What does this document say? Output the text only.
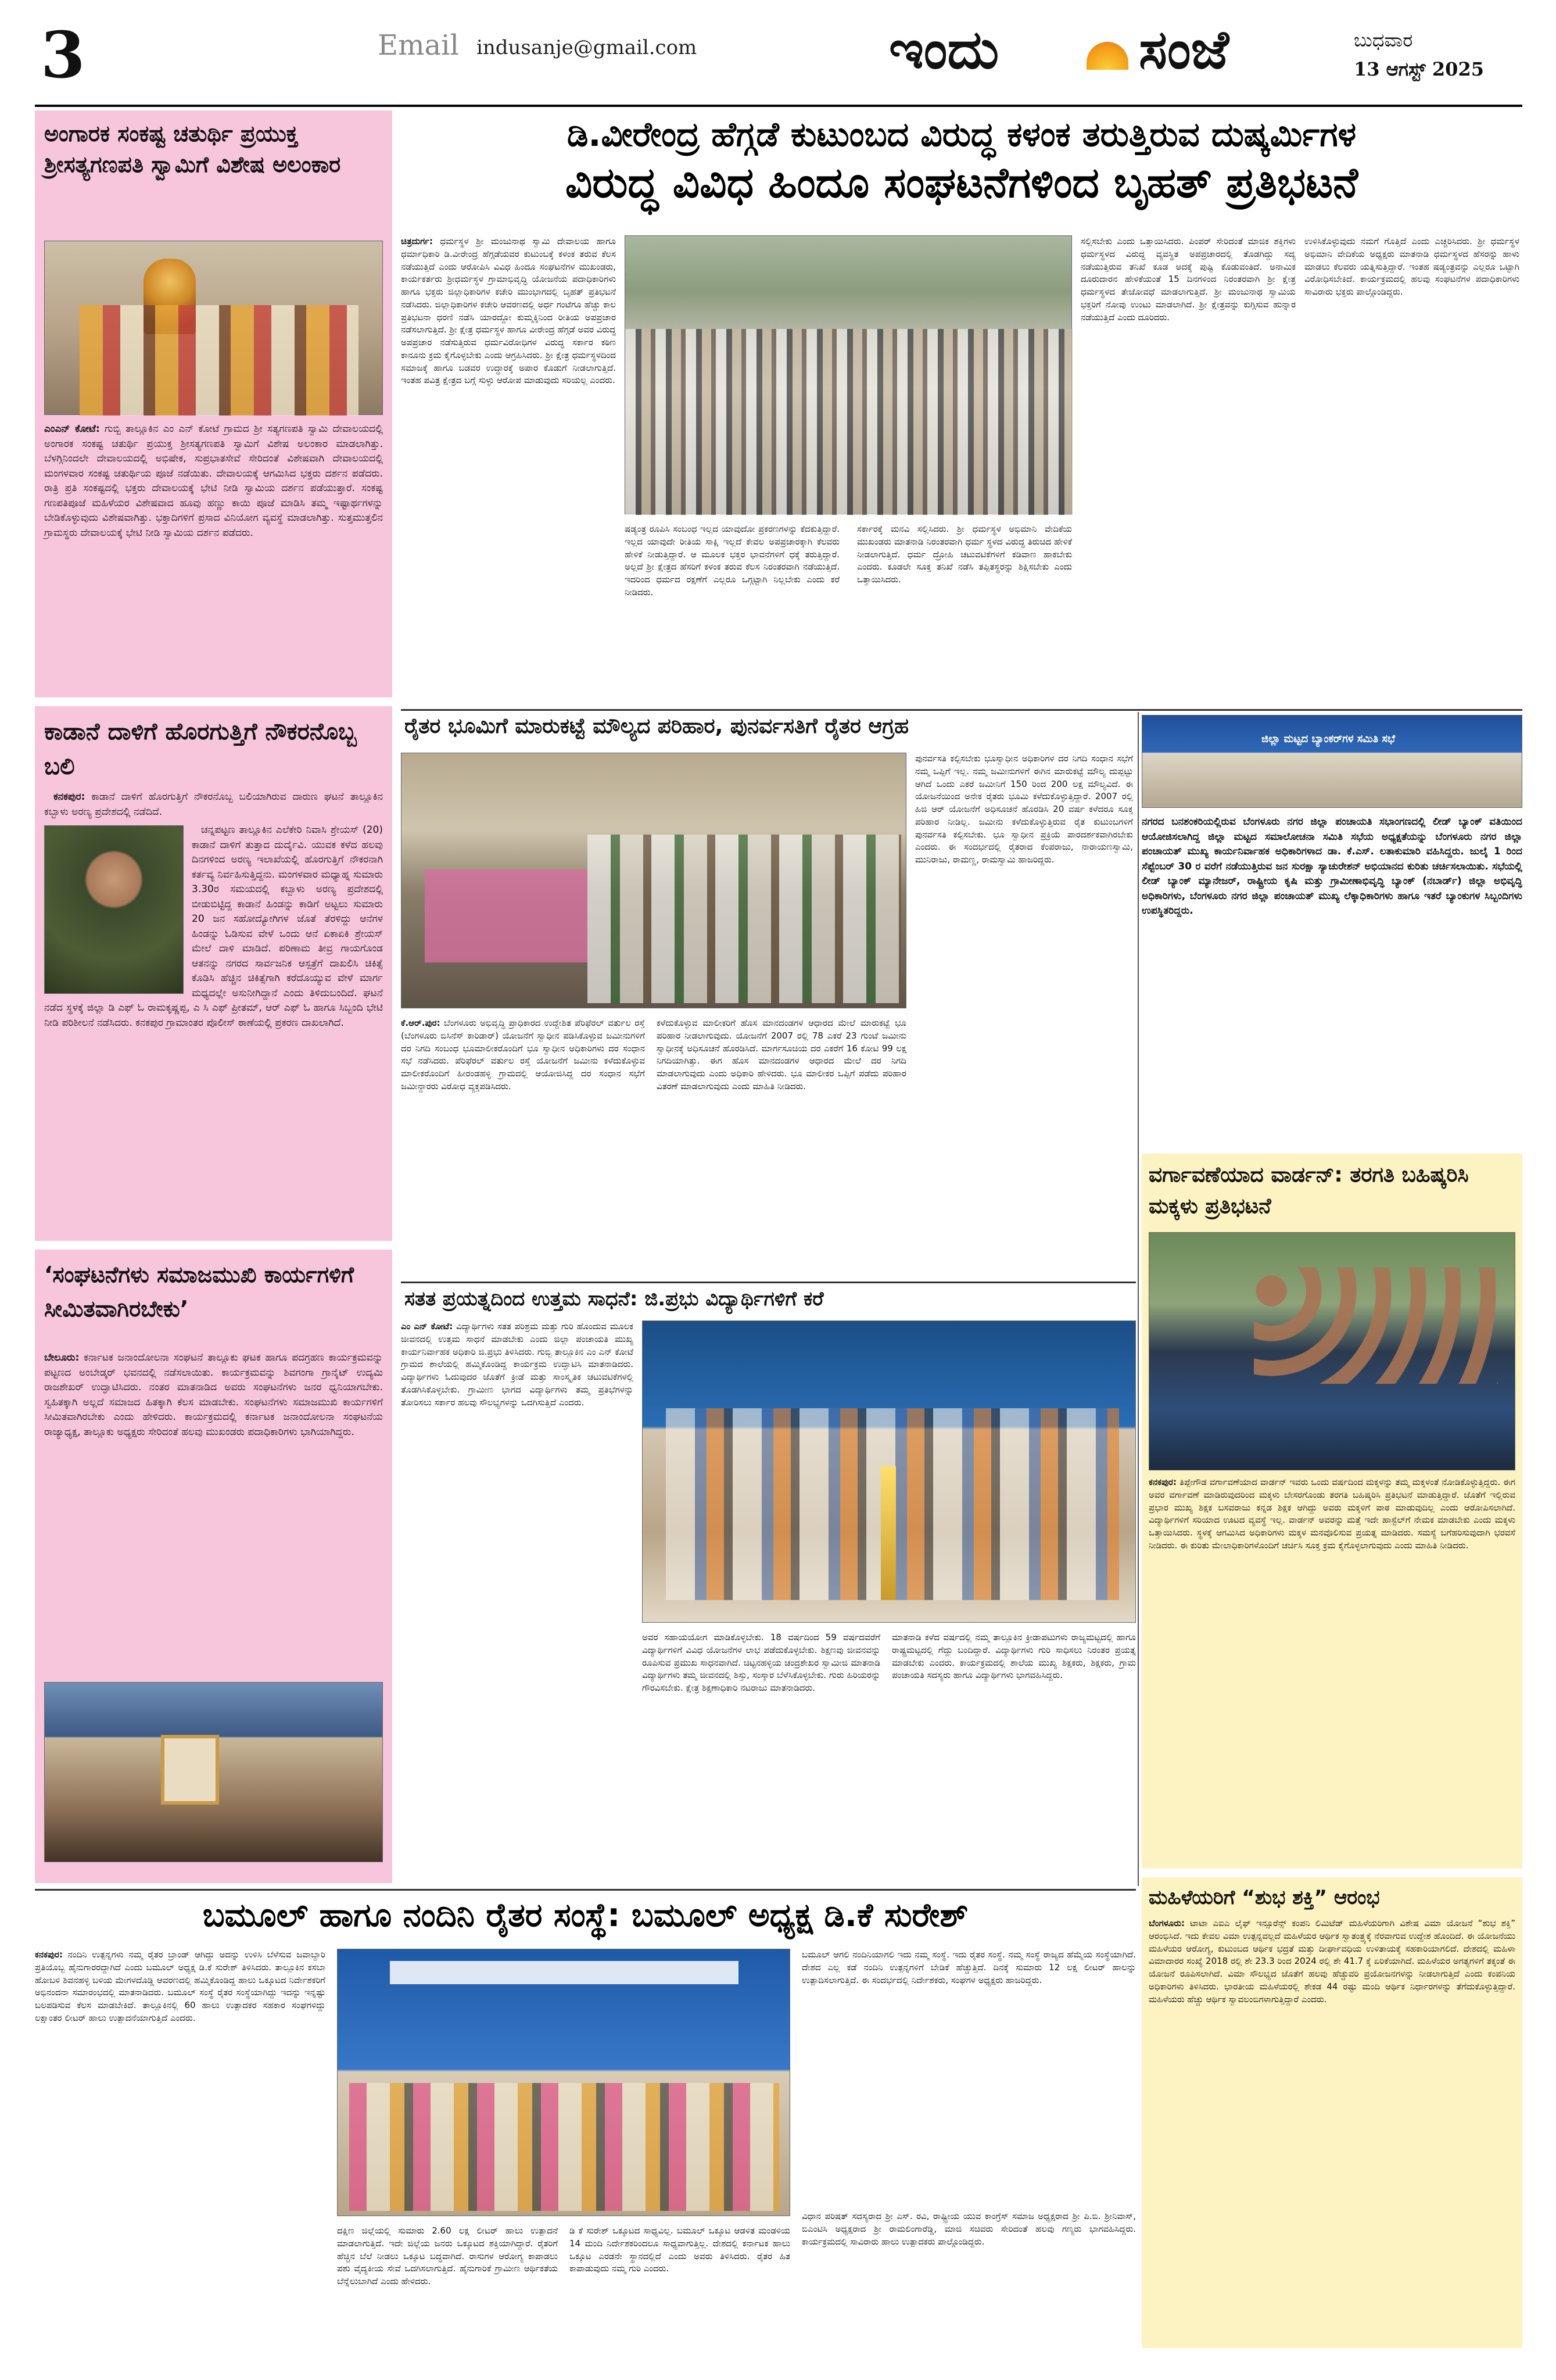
3	Email indusanje@gmail.com	ಇಂದು	ಸಂಜೆ	ಬುಧವಾರ
13 ಆಗಸ್ಟ್ 2025
ಅಂಗಾರಕ ಸಂಕಷ್ಟ ಚತುರ್ಥಿ ಪ್ರಯುಕ್ತ ಶ್ರೀಸತ್ಯಗಣಪತಿ ಸ್ವಾಮಿಗೆ ವಿಶೇಷ ಅಲಂಕಾರ
ಎಂಎನ್ ಕೋಟೆ: ಗುಬ್ಬಿ ತಾಲ್ಲೂಕಿನ ಎಂ ಎನ್ ಕೋಟೆ ಗ್ರಾಮದ ಶ್ರೀ ಸತ್ಯಗಣಪತಿ ಸ್ವಾಮಿ ದೇವಾಲಯದಲ್ಲಿ ಅಂಗಾರಕ ಸಂಕಷ್ಟ ಚತುರ್ಥಿ ಪ್ರಯುಕ್ತ ಶ್ರೀಸತ್ಯಗಣಪತಿ ಸ್ವಾಮಿಗೆ ವಿಶೇಷ ಅಲಂಕಾರ ಮಾಡಲಾಗಿತ್ತು. ಬೆಳಗ್ಗಿನಿಂದಲೇ ದೇವಾಲಯದಲ್ಲಿ ಅಭಿಷೇಕ, ಸುಪ್ರಭಾತಸೇವೆ ಸೇರಿದಂತೆ ವಿಶೇಷವಾಗಿ ದೇವಾಲಯದಲ್ಲಿ ಮಂಗಳವಾರ ಸಂಕಷ್ಟ ಚತುರ್ಥಿಯ ಪೂಜೆ ನಡೆಯಿತು. ದೇವಾಲಯಕ್ಕೆ ಆಗಮಿಸಿದ ಭಕ್ತರು ದರ್ಶನ ಪಡೆದರು. ರಾತ್ರಿ ಪ್ರತಿ ಸಂಕಷ್ಟದಲ್ಲಿ ಭಕ್ತರು ದೇವಾಲಯಕ್ಕೆ ಭೇಟಿ ನೀಡಿ ಸ್ವಾಮಿಯ ದರ್ಶನ ಪಡೆಯುತ್ತಾರೆ. ಸಂಕಷ್ಟ ಗಣಪತಿಪೂಜೆ ಮಹಿಳೆಯರ ವಿಶೇಷವಾದ ಹೂವು ಹಣ್ಣು ಕಾಯಿ ಪೂಜೆ ಮಾಡಿಸಿ ತಮ್ಮ ಇಷ್ಟಾರ್ಥಗಳನ್ನು ಬೇಡಿಕೊಳ್ಳುವುದು ವಿಶೇಷವಾಗಿತ್ತು. ಭಕ್ತಾದಿಗಳಿಗೆ ಪ್ರಸಾದ ವಿನಿಯೋಗ ವ್ಯವಸ್ಥೆ ಮಾಡಲಾಗಿತ್ತು. ಸುತ್ತಮುತ್ತಲಿನ ಗ್ರಾಮಸ್ಥರು ದೇವಾಲಯಕ್ಕೆ ಭೇಟಿ ನೀಡಿ ಸ್ವಾಮಿಯ ದರ್ಶನ ಪಡೆದರು.
ಕಾಡಾನೆ ದಾಳಿಗೆ ಹೊರಗುತ್ತಿಗೆ ನೌಕರನೊಬ್ಬ ಬಲಿ

ಕನಕಪುರ: ಕಾಡಾನೆ ದಾಳಿಗೆ ಹೊರಗುತ್ತಿಗೆ ನೌಕರನೊಬ್ಬ ಬಲಿಯಾಗಿರುವ ದಾರುಣ ಘಟನೆ ತಾಲ್ಲೂಕಿನ ಕಬ್ಬಾಳು ಅರಣ್ಯ ಪ್ರದೇಶದಲ್ಲಿ ನಡೆದಿದೆ.

ಚನ್ನಪಟ್ಟಣ ತಾಲ್ಲೂಕಿನ ಎಲೆಕೇರಿ ನಿವಾಸಿ ಶ್ರೇಯಸ್ (20) ಕಾಡಾನೆ ದಾಳಿಗೆ ತುತ್ತಾದ ದುರ್ದೈವಿ. ಯುವಕ ಕಳೆದ ಹಲವು ದಿನಗಳಿಂದ ಅರಣ್ಯ ಇಲಾಖೆಯಲ್ಲಿ ಹೊರಗುತ್ತಿಗೆ ನೌಕರನಾಗಿ ಕರ್ತವ್ಯ ನಿರ್ವಹಿಸುತ್ತಿದ್ದನು. ಮಂಗಳವಾರ ಮಧ್ಯಾಹ್ನ ಸುಮಾರು 3.30ರ ಸಮಯದಲ್ಲಿ ಕಬ್ಬಾಳು ಅರಣ್ಯ ಪ್ರದೇಶದಲ್ಲಿ ಬೀಡುಬಿಟ್ಟಿದ್ದ ಕಾಡಾನೆ ಹಿಂಡನ್ನು ಕಾಡಿಗೆ ಅಟ್ಟಲು ಸುಮಾರು 20 ಜನ ಸಹೋದ್ಯೋಗಿಗಳ ಜೊತೆ ತೆರಳಿದ್ದು ಆನೆಗಳ ಹಿಂಡನ್ನು ಓಡಿಸುವ ವೇಳೆ ಒಂದು ಆನೆ ಏಕಾಏಕಿ ಶ್ರೇಯಸ್ ಮೇಲೆ ದಾಳಿ ಮಾಡಿದೆ. ಪರಿಣಾಮ ತೀವ್ರ ಗಾಯಗೊಂಡ ಆತನನ್ನು ನಗರದ ಸಾರ್ವಜನಿಕ ಆಸ್ಪತ್ರೆಗೆ ದಾಖಲಿಸಿ ಚಿಕಿತ್ಸೆ ಕೊಡಿಸಿ ಹೆಚ್ಚಿನ ಚಿಕಿತ್ಸೆಗಾಗಿ ಕರೆದೊಯ್ಯುವ ವೇಳೆ ಮಾರ್ಗ ಮಧ್ಯದಲ್ಲೇ ಅಸುನೀಗಿದ್ದಾನೆ ಎಂದು ತಿಳಿದುಬಂದಿದೆ. ಘಟನೆ ನಡೆದ ಸ್ಥಳಕ್ಕೆ ಜಿಲ್ಲಾ ಡಿ ಎಫ್ ಓ ರಾಮಕೃಷ್ಣಪ್ಪ, ಎ ಸಿ ಎಫ್ ಪ್ರೀತಮ್, ಆರ್ ಎಫ್ ಓ ಹಾಗೂ ಸಿಬ್ಬಂದಿ ಭೇಟಿ ನೀಡಿ ಪರಿಶೀಲನೆ ನಡೆಸಿದರು. ಕನಕಪುರ ಗ್ರಾಮಾಂತರ ಪೊಲೀಸ್ ಠಾಣೆಯಲ್ಲಿ ಪ್ರಕರಣ ದಾಖಲಾಗಿದೆ.

‘ಸಂಘಟನೆಗಳು ಸಮಾಜಮುಖಿ ಕಾರ್ಯಗಳಿಗೆ ಸೀಮಿತವಾಗಿರಬೇಕು’
ಬೇಲೂರು: ಕರ್ನಾಟಕ ಜನಾಂದೋಲನಾ ಸಂಘಟನೆ ತಾಲ್ಲೂಕು ಘಟಕ ಹಾಗೂ ಪದಗ್ರಹಣ ಕಾರ್ಯಕ್ರಮವನ್ನು ಪಟ್ಟಣದ ಅಂಬೇಡ್ಕರ್ ಭವನದಲ್ಲಿ ನಡೆಸಲಾಯಿತು. ಕಾರ್ಯಕ್ರಮವನ್ನು ಶಿವಗಂಗಾ ಗ್ರಾನೈಟ್ ಉದ್ಯಮಿ ರಾಜಶೇಖರ್ ಉದ್ಘಾಟಿಸಿದರು. ನಂತರ ಮಾತನಾಡಿದ ಅವರು ಸಂಘಟನೆಗಳು ಜನರ ಧ್ವನಿಯಾಗಬೇಕು. ಸ್ವಹಿತಕ್ಕಾಗಿ ಅಲ್ಲದೆ ಸಮಾಜದ ಹಿತಕ್ಕಾಗಿ ಕೆಲಸ ಮಾಡಬೇಕು. ಸಂಘಟನೆಗಳು ಸಮಾಜಮುಖಿ ಕಾರ್ಯಗಳಿಗೆ ಸೀಮಿತವಾಗಿರಬೇಕು ಎಂದು ಹೇಳಿದರು. ಕಾರ್ಯಕ್ರಮದಲ್ಲಿ ಕರ್ನಾಟಕ ಜನಾಂದೋಲನಾ ಸಂಘಟನೆಯ ರಾಜ್ಯಾಧ್ಯಕ್ಷ, ತಾಲ್ಲೂಕು ಅಧ್ಯಕ್ಷರು ಸೇರಿದಂತೆ ಹಲವು ಮುಖಂಡರು ಪದಾಧಿಕಾರಿಗಳು ಭಾಗಿಯಾಗಿದ್ದರು.
ಡಿ.ವೀರೇಂದ್ರ ಹೆಗ್ಗಡೆ ಕುಟುಂಬದ ವಿರುದ್ಧ ಕಳಂಕ ತರುತ್ತಿರುವ ದುಷ್ಕರ್ಮಿಗಳ
ವಿರುದ್ಧ ವಿವಿಧ ಹಿಂದೂ ಸಂಘಟನೆಗಳಿಂದ ಬೃಹತ್ ಪ್ರತಿಭಟನೆ
ಚಿತ್ರದುರ್ಗ: ಧರ್ಮಸ್ಥಳ ಶ್ರೀ ಮಂಜುನಾಥ ಸ್ವಾಮಿ ದೇವಾಲಯ ಹಾಗೂ ಧರ್ಮಾಧಿಕಾರಿ ಡಿ.ವೀರೇಂದ್ರ ಹೆಗ್ಗಡೆಯವರ ಕುಟುಂಬಕ್ಕೆ ಕಳಂಕ ತರುವ ಕೆಲಸ ನಡೆಯುತ್ತಿದೆ ಎಂದು ಆರೋಪಿಸಿ ವಿವಿಧ ಹಿಂದೂ ಸಂಘಟನೆಗಳ ಮುಖಂಡರು, ಕಾರ್ಯಕರ್ತರು ಶ್ರೀಧರ್ಮಸ್ಥಳ ಗ್ರಾಮಾಭಿವೃದ್ಧಿ ಯೋಜನೆಯ ಪದಾಧಿಕಾರಿಗಳು ಹಾಗೂ ಭಕ್ತರು ಜಿಲ್ಲಾಧಿಕಾರಿಗಳ ಕಚೇರಿ ಮುಂಭಾಗದಲ್ಲಿ ಬೃಹತ್ ಪ್ರತಿಭಟನೆ ನಡೆಸಿದರು. ಜಿಲ್ಲಾಧಿಕಾರಿಗಳ ಕಚೇರಿ ಆವರಣದಲ್ಲಿ ಅರ್ಧ ಗಂಟೆಗೂ ಹೆಚ್ಚು ಕಾಲ ಪ್ರತಿಭಟನಾ ಧರಣಿ ನಡೆಸಿ ಯಾರದ್ದೋ ಕುಮ್ಮಕ್ಕಿನಿಂದ ರೀತಿಯ ಅಪಪ್ರಚಾರ ನಡೆಸಲಾಗುತ್ತಿದೆ. ಶ್ರೀ ಕ್ಷೇತ್ರ ಧರ್ಮಸ್ಥಳ ಹಾಗೂ ವೀರೇಂದ್ರ ಹೆಗ್ಗಡೆ ಅವರ ವಿರುದ್ಧ ಅಪಪ್ರಚಾರ ನಡೆಸುತ್ತಿರುವ ಧರ್ಮವಿರೋಧಿಗಳ ವಿರುದ್ಧ ಸರ್ಕಾರ ಕಠಿಣ ಕಾನೂನು ಕ್ರಮ ಕೈಗೊಳ್ಳಬೇಕು ಎಂದು ಆಗ್ರಹಿಸಿದರು. ಶ್ರೀ ಕ್ಷೇತ್ರ ಧರ್ಮಸ್ಥಳದಿಂದ ಸಮಾಜಕ್ಕೆ ಹಾಗೂ ಬಡವರ ಉದ್ಧಾರಕ್ಕೆ ಅಪಾರ ಕೊಡುಗೆ ನೀಡಲಾಗುತ್ತಿದೆ. ಇಂತಹ ಪವಿತ್ರ ಕ್ಷೇತ್ರದ ಬಗ್ಗೆ ಸುಳ್ಳು ಆರೋಪ ಮಾಡುವುದು ಸರಿಯಲ್ಲ ಎಂದರು.
ಷಡ್ಯಂತ್ರ ರೂಪಿಸಿ ಸಂಬಂಧ ಇಲ್ಲದ ಯಾವುದೋ ಪ್ರಕರಣಗಳನ್ನು ಕೆದಕುತ್ತಿದ್ದಾರೆ. ಇಲ್ಲದ ಯಾವುದೇ ರೀತಿಯ ಸಾಕ್ಷಿ ಇಲ್ಲದೆ ಕೇವಲ ಅಪಪ್ರಚಾರಕ್ಕಾಗಿ ಕೆಲವರು ಹೇಳಿಕೆ ನೀಡುತ್ತಿದ್ದಾರೆ. ಆ ಮೂಲಕ ಭಕ್ತರ ಭಾವನೆಗಳಿಗೆ ಧಕ್ಕೆ ತರುತ್ತಿದ್ದಾರೆ. ಅಲ್ಲದೆ ಶ್ರೀ ಕ್ಷೇತ್ರದ ಹೆಸರಿಗೆ ಕಳಂಕ ತರುವ ಕೆಲಸ ನಿರಂತರವಾಗಿ ನಡೆಯುತ್ತಿದೆ. ಇದರಿಂದ ಧರ್ಮದ ರಕ್ಷಣೆಗೆ ಎಲ್ಲರೂ ಒಗ್ಗಟ್ಟಾಗಿ ನಿಲ್ಲಬೇಕು ಎಂದು ಕರೆ ನೀಡಿದರು.
ಸರ್ಕಾರಕ್ಕೆ ಮನವಿ ಸಲ್ಲಿಸಿದರು. ಶ್ರೀ ಧರ್ಮಸ್ಥಳ ಅಭಿಮಾನಿ ವೇದಿಕೆಯ ಮುಖಂಡರು ಮಾತನಾಡಿ ನಿರಂತರವಾಗಿ ಧರ್ಮ ಸ್ಥಳದ ವಿರುದ್ಧ ತಿರುಚಿದ ಹೇಳಿಕೆ ನೀಡಲಾಗುತ್ತಿದೆ. ಧರ್ಮ ದ್ರೋಹಿ ಚಟುವಟಿಕೆಗಳಿಗೆ ಕಡಿವಾಣ ಹಾಕಬೇಕು ಎಂದರು. ಕೂಡಲೇ ಸೂಕ್ತ ತನಿಖೆ ನಡೆಸಿ ತಪ್ಪಿತಸ್ಥರನ್ನು ಶಿಕ್ಷಿಸಬೇಕು ಎಂದು ಒತ್ತಾಯಿಸಿದರು.
ಸಲ್ಲಿಸಬೇಕು ಎಂದು ಒತ್ತಾಯಿಸಿದರು. ಪಿಂಪರ್ ಸೇರಿದಂತೆ ಮಾಜಿಕ ಶಕ್ತಿಗಳು ಧರ್ಮಸ್ಥಳದ ವಿರುದ್ಧ ವ್ಯವಸ್ಥಿತ ಅಪಪ್ರಚಾರದಲ್ಲಿ ತೊಡಗಿದ್ದು ಸದ್ಯ ನಡೆಯುತ್ತಿರುವ ತನಿಖೆ ಕೂಡ ಅದಕ್ಕೆ ಪುಷ್ಟಿ ಕೊಡುವಂತಿದೆ. ಅನಾಮಿಕ ದೂರುದಾರನ ಹೇಳಿಕೆಯಂತೆ 15 ದಿನಗಳಿಂದ ನಿರಂತರವಾಗಿ ಶ್ರೀ ಕ್ಷೇತ್ರ ಧರ್ಮಸ್ಥಳದ ತೇಜೋವಧೆ ಮಾಡಲಾಗುತ್ತಿದೆ. ಶ್ರೀ ಮಂಜುನಾಥ ಸ್ವಾಮಿಯ ಭಕ್ತರಿಗೆ ನೋವು ಉಂಟು ಮಾಡಲಾಗಿದೆ. ಶ್ರೀ ಕ್ಷೇತ್ರವನ್ನು ಕುಗ್ಗಿಸುವ ಹುನ್ನಾರ ನಡೆಯುತ್ತಿದೆ ಎಂದು ದೂರಿದರು.
ಉಳಿಸಿಕೊಳ್ಳುವುದು ನಮಗೆ ಗೊತ್ತಿದೆ ಎಂದು ಎಚ್ಚರಿಸಿದರು. ಶ್ರೀ ಧರ್ಮಸ್ಥಳ ಅಭಿಮಾನಿ ವೇದಿಕೆಯ ಅಧ್ಯಕ್ಷರು ಮಾತನಾಡಿ ಧರ್ಮಸ್ಥಳದ ಹೆಸರನ್ನು ಹಾಳು ಮಾಡಲು ಕೆಲವರು ಯತ್ನಿಸುತ್ತಿದ್ದಾರೆ. ಇಂತಹ ಷಡ್ಯಂತ್ರವನ್ನು ಎಲ್ಲರೂ ಒಟ್ಟಾಗಿ ವಿರೋಧಿಸಬೇಕಿದೆ. ಕಾರ್ಯಕ್ರಮದಲ್ಲಿ ಹಲವು ಸಂಘಟನೆಗಳ ಪದಾಧಿಕಾರಿಗಳು ಸಾವಿರಾರು ಭಕ್ತರು ಪಾಲ್ಗೊಂಡಿದ್ದರು.
ರೈತರ ಭೂಮಿಗೆ ಮಾರುಕಟ್ಟೆ ಮೌಲ್ಯದ ಪರಿಹಾರ, ಪುನರ್ವಸತಿಗೆ ರೈತರ ಆಗ್ರಹ
ಪುನರ್ವಸತಿ ಕಲ್ಪಿಸಬೇಕು ಭೂಸ್ವಾಧೀನ ಅಧಿಕಾರಿಗಳ ದರ ನಿಗದಿ ಸಂಧಾನ ಸಭೆಗೆ ನಮ್ಮ ಒಪ್ಪಿಗೆ ಇಲ್ಲ. ನಮ್ಮ ಜಮೀನುಗಳಿಗೆ ಈಗಿನ ಮಾರುಕಟ್ಟೆ ಮೌಲ್ಯ ದುಪ್ಪಟ್ಟು ಆಗಿದೆ ಒಂದು ಎಕರೆ ಜಮೀನಿಗೆ 150 ರಿಂದ 200 ಲಕ್ಷ ಮೌಲ್ಯವಿದೆ. ಈ ಯೋಜನೆಯಿಂದ ಅನೇಕ ರೈತರು ಭೂಮಿ ಕಳೆದುಕೊಳ್ಳುತ್ತಿದ್ದಾರೆ. 2007 ರಲ್ಲಿ ಹಿಜಿ ಆರ್ ಯೋಜನೆಗೆ ಅಧಿಸೂಚನೆ ಹೊರಡಿಸಿ 20 ವರ್ಷ ಕಳೆದರೂ ಸೂಕ್ತ ಪರಿಹಾರ ನೀಡಿಲ್ಲ. ಜಮೀನು ಕಳೆದುಕೊಳ್ಳುತ್ತಿರುವ ರೈತ ಕುಟುಂಬಗಳಿಗೆ ಪುನರ್ವಸತಿ ಕಲ್ಪಿಸಬೇಕು. ಭೂ ಸ್ವಾಧೀನ ಪ್ರಕ್ರಿಯೆ ಪಾರದರ್ಶಕವಾಗಿರಬೇಕು ಎಂದರು. ಈ ಸಂದರ್ಭದಲ್ಲಿ ರೈತರಾದ ಕೆಂಪರಾಜು, ನಾರಾಯಣಸ್ವಾಮಿ, ಮುನಿರಾಜು, ರಾಮಣ್ಣ, ರಾಮಸ್ವಾಮಿ ಹಾಜರಿದ್ದರು.
ಕೆ.ಆರ್.ಪುರ: ಬೆಂಗಳೂರು ಅಭಿವೃದ್ಧಿ ಪ್ರಾಧಿಕಾರದ ಉದ್ದೇಶಿತ ಪೆರಿಫೆರಲ್ ವರ್ತುಲ ರಸ್ತೆ (ಬೆಂಗಳೂರು ಬಿಸಿನೆಸ್ ಕಾರಿಡಾರ್) ಯೋಜನೆಗೆ ಸ್ವಾಧೀನ ಪಡಿಸಿಕೊಳ್ಳುವ ಜಮೀನುಗಳಿಗೆ ದರ ನಿಗದಿ ಸಂಬಂಧ ಭೂಮಾಲೀಕರೊಂದಿಗೆ ಭೂ ಸ್ವಾಧೀನ ಅಧಿಕಾರಿಗಳು ದರ ಸಂಧಾನ ಸಭೆ ನಡೆಸಿದರು. ಪೆರಿಫೆರಲ್ ವರ್ತುಲ ರಸ್ತೆ ಯೋಜನೆಗೆ ಜಮೀನು ಕಳೆದುಕೊಳ್ಳುವ ಮಾಲೀಕರೊಂದಿಗೆ ಹೀರಂಡಹಳ್ಳಿ ಗ್ರಾಮದಲ್ಲಿ ಆಯೋಜಿಸಿದ್ದ ದರ ಸಂಧಾನ ಸಭೆಗೆ ಜಮೀನ್ದಾರರು ವಿರೋಧ ವ್ಯಕ್ತಪಡಿಸಿದರು.
ಕಳೆದುಕೊಳ್ಳುವ ಮಾಲೀಕರಿಗೆ ಹೊಸ ಮಾನದಂಡಗಳ ಆಧಾರದ ಮೇಲೆ ಮಾರುಕಟ್ಟೆ ಭೂ ಪರಿಹಾರ ನೀಡಲಾಗುವುದು. ಯೋಜನೆಗೆ 2007 ರಲ್ಲಿ 78 ಎಕರೆ 23 ಗುಂಟೆ ಜಮೀನು ಸ್ವಾಧೀನಕ್ಕೆ ಅಧಿಸೂಚನೆ ಹೊರಡಿಸಿದೆ. ಮಾರ್ಗಸೂಚಿಯ ದರ ಎಕರೆಗೆ 16 ಕೋಟಿ 99 ಲಕ್ಷ ನಿಗದಿಯಾಗಿತ್ತು. ಈಗ ಹೊಸ ಮಾನದಂಡಗಳ ಆಧಾರದ ಮೇಲೆ ದರ ನಿಗದಿ ಮಾಡಲಾಗುವುದು ಎಂದು ಅಧಿಕಾರಿ ಹೇಳಿದರು. ಭೂ ಮಾಲೀಕರ ಒಪ್ಪಿಗೆ ಪಡೆದು ಪರಿಹಾರ ವಿತರಣೆ ಮಾಡಲಾಗುವುದು ಎಂದು ಮಾಹಿತಿ ನೀಡಿದರು.
ಜಿಲ್ಲಾ ಮಟ್ಟದ ಬ್ಯಾಂಕರ್‌ಗಳ ಸಮಿತಿ ಸಭೆ
ನಗರದ ಬನಶಂಕರಿಯಲ್ಲಿರುವ ಬೆಂಗಳೂರು ನಗರ ಜಿಲ್ಲಾ ಪಂಚಾಯತಿ ಸಭಾಂಗಣದಲ್ಲಿ ಲೀಡ್ ಬ್ಯಾಂಕ್ ವತಿಯಿಂದ ಆಯೋಜಿಸಲಾಗಿದ್ದ ಜಿಲ್ಲಾ ಮಟ್ಟದ ಸಮಾಲೋಚನಾ ಸಮಿತಿ ಸಭೆಯ ಅಧ್ಯಕ್ಷತೆಯನ್ನು ಬೆಂಗಳೂರು ನಗರ ಜಿಲ್ಲಾ ಪಂಚಾಯತ್ ಮುಖ್ಯ ಕಾರ್ಯನಿರ್ವಾಹಕ ಅಧಿಕಾರಿಗಳಾದ ಡಾ. ಕೆ.ಎಸ್. ಲತಾಕುಮಾರಿ ವಹಿಸಿದ್ದರು. ಜುಲೈ 1 ರಿಂದ ಸೆಪ್ಟೆಂಬರ್ 30 ರ ವರೆಗೆ ನಡೆಯುತ್ತಿರುವ ಜನ ಸುರಕ್ಷಾ ಸ್ಯಾಚುರೇಶನ್ ಅಭಿಯಾನದ ಕುರಿತು ಚರ್ಚಿಸಲಾಯಿತು. ಸಭೆಯಲ್ಲಿ ಲೀಡ್ ಬ್ಯಾಂಕ್ ಮ್ಯಾನೇಜರ್, ರಾಷ್ಟ್ರೀಯ ಕೃಷಿ ಮತ್ತು ಗ್ರಾಮೀಣಾಭಿವೃದ್ಧಿ ಬ್ಯಾಂಕ್ (ನಬಾರ್ಡ್) ಜಿಲ್ಲಾ ಅಭಿವೃದ್ಧಿ ಅಧಿಕಾರಿಗಳು, ಬೆಂಗಳೂರು ನಗರ ಜಿಲ್ಲಾ ಪಂಚಾಯತ್ ಮುಖ್ಯ ಲೆಕ್ಕಾಧಿಕಾರಿಗಳು ಹಾಗೂ ಇತರೆ ಬ್ಯಾಂಕುಗಳ ಸಿಬ್ಬಂದಿಗಳು ಉಪಸ್ಥಿತರಿದ್ದರು.
ವರ್ಗಾವಣೆಯಾದ ವಾರ್ಡನ್: ತರಗತಿ ಬಹಿಷ್ಕರಿಸಿ ಮಕ್ಕಳು ಪ್ರತಿಭಟನೆ
ಕನಕಪುರ: ತಿಪ್ಪೇಗೌಡ ವರ್ಗಾವಣೆಯಾದ ವಾರ್ಡನ್ ಇವರು ಒಂದು ವರ್ಷದಿಂದ ಮಕ್ಕಳನ್ನು ತಮ್ಮ ಮಕ್ಕಳಂತೆ ನೋಡಿಕೊಳ್ಳುತ್ತಿದ್ದರು. ಈಗ ಅವರ ವರ್ಗಾವಣೆ ಮಾಡಿರುವುದರಿಂದ ಮಕ್ಕಳು ಬೇಸರಗೊಂಡು ತರಗತಿ ಬಹಿಷ್ಕರಿಸಿ ಪ್ರತಿಭಟನೆ ಮಾಡುತ್ತಿದ್ದಾರೆ. ಜೊತೆಗೆ ಇಲ್ಲಿರುವ ಪ್ರಭಾರ ಮುಖ್ಯ ಶಿಕ್ಷಕ ಬಸವರಾಜು ಕನ್ನಡ ಶಿಕ್ಷಕ ಆಗಿದ್ದು ಅವರು ಮಕ್ಕಳಿಗೆ ಪಾಠ ಮಾಡುವುದಿಲ್ಲ ಎಂದು ಆರೋಪಿಸಲಾಗಿದೆ. ವಿದ್ಯಾರ್ಥಿಗಳಿಗೆ ಸರಿಯಾದ ಊಟದ ವ್ಯವಸ್ಥೆ ಇಲ್ಲ. ವಾರ್ಡನ್ ಅವರನ್ನು ಮತ್ತೆ ಇದೇ ಹಾಸ್ಟೆಲ್‌ಗೆ ನೇಮಕ ಮಾಡಬೇಕು ಎಂದು ಮಕ್ಕಳು ಒತ್ತಾಯಿಸಿದರು. ಸ್ಥಳಕ್ಕೆ ಆಗಮಿಸಿದ ಅಧಿಕಾರಿಗಳು ಮಕ್ಕಳ ಮನವೊಲಿಸುವ ಪ್ರಯತ್ನ ಮಾಡಿದರು. ಸಮಸ್ಯೆ ಬಗೆಹರಿಸುವುದಾಗಿ ಭರವಸೆ ನೀಡಿದರು. ಈ ಕುರಿತು ಮೇಲಾಧಿಕಾರಿಗಳೊಂದಿಗೆ ಚರ್ಚಿಸಿ ಸೂಕ್ತ ಕ್ರಮ ಕೈಗೊಳ್ಳಲಾಗುವುದು ಎಂದು ಮಾಹಿತಿ ನೀಡಿದರು.
ಮಹಿಳೆಯರಿಗೆ “ಶುಭ ಶಕ್ತಿ” ಆರಂಭ
ಬೆಂಗಳೂರು: ಟಾಟಾ ಎಐಎ ಲೈಫ್ ಇನ್ಸೂರೆನ್ಸ್ ಕಂಪನಿ ಲಿಮಿಟೆಡ್ ಮಹಿಳೆಯರಿಗಾಗಿ ವಿಶೇಷ ವಿಮಾ ಯೋಜನೆ “ಶುಭ ಶಕ್ತಿ” ಆರಂಭಿಸಿದೆ. ಇದು ಕೇವಲ ವಿಮಾ ಉತ್ಪನ್ನವಲ್ಲದೆ ಮಹಿಳೆಯರ ಆರ್ಥಿಕ ಸ್ವಾತಂತ್ರ್ಯಕ್ಕೆ ನೆರವಾಗುವ ಉದ್ದೇಶ ಹೊಂದಿದೆ. ಈ ಯೋಜನೆಯು ಮಹಿಳೆಯರ ಆರೋಗ್ಯ, ಕುಟುಂಬದ ಆರ್ಥಿಕ ಭದ್ರತೆ ಮತ್ತು ದೀರ್ಘಾವಧಿಯ ಉಳಿತಾಯಕ್ಕೆ ಸಹಕಾರಿಯಾಗಲಿದೆ. ದೇಶದಲ್ಲಿ ಮಹಿಳಾ ವಿಮಾದಾರರ ಸಂಖ್ಯೆ 2018 ರಲ್ಲಿ ಶೇ 23.3 ರಿಂದ 2024 ರಲ್ಲಿ ಶೇ 41.7 ಕ್ಕೆ ಏರಿಕೆಯಾಗಿದೆ. ಮಹಿಳೆಯರ ಅಗತ್ಯಗಳಿಗೆ ತಕ್ಕಂತೆ ಈ ಯೋಜನೆ ರೂಪಿಸಲಾಗಿದೆ. ವಿಮಾ ಸೌಲಭ್ಯದ ಜೊತೆಗೆ ಹಲವು ಹೆಚ್ಚುವರಿ ಪ್ರಯೋಜನಗಳನ್ನು ನೀಡಲಾಗುತ್ತಿದೆ ಎಂದು ಕಂಪನಿಯ ಅಧಿಕಾರಿಗಳು ತಿಳಿಸಿದರು. ಭಾರತೀಯ ಮಹಿಳೆಯರಲ್ಲಿ ಶೇಕಡ 44 ರಷ್ಟು ಮಂದಿ ಆರ್ಥಿಕ ನಿರ್ಧಾರಗಳನ್ನು ತೆಗೆದುಕೊಳ್ಳುತ್ತಿದ್ದಾರೆ. ಮಹಿಳೆಯರು ಹೆಚ್ಚು ಆರ್ಥಿಕ ಸ್ವಾವಲಂಬಿಗಳಾಗುತ್ತಿದ್ದಾರೆ ಎಂದರು.
ಸತತ ಪ್ರಯತ್ನದಿಂದ ಉತ್ತಮ ಸಾಧನೆ: ಜಿ.ಪ್ರಭು ವಿದ್ಯಾರ್ಥಿಗಳಿಗೆ ಕರೆ
ಎಂ ಎನ್ ಕೋಟೆ: ವಿದ್ಯಾರ್ಥಿಗಳು ಸತತ ಪರಿಶ್ರಮ ಮತ್ತು ಗುರಿ ಹೊಂದುವ ಮೂಲಕ ಜೀವನದಲ್ಲಿ ಉತ್ತಮ ಸಾಧನೆ ಮಾಡಬೇಕು ಎಂದು ಜಿಲ್ಲಾ ಪಂಚಾಯತಿ ಮುಖ್ಯ ಕಾರ್ಯನಿರ್ವಾಹಕ ಅಧಿಕಾರಿ ಜಿ.ಪ್ರಭು ತಿಳಿಸಿದರು. ಗುಬ್ಬಿ ತಾಲ್ಲೂಕಿನ ಎಂ ಎನ್ ಕೋಟೆ ಗ್ರಾಮದ ಶಾಲೆಯಲ್ಲಿ ಹಮ್ಮಿಕೊಂಡಿದ್ದ ಕಾರ್ಯಕ್ರಮ ಉದ್ಘಾಟಿಸಿ ಮಾತನಾಡಿದರು. ವಿದ್ಯಾರ್ಥಿಗಳು ಓದುವುದರ ಜೊತೆಗೆ ಕ್ರೀಡೆ ಮತ್ತು ಸಾಂಸ್ಕೃತಿಕ ಚಟುವಟಿಕೆಗಳಲ್ಲಿ ತೊಡಗಿಸಿಕೊಳ್ಳಬೇಕು. ಗ್ರಾಮೀಣ ಭಾಗದ ವಿದ್ಯಾರ್ಥಿಗಳು ತಮ್ಮ ಪ್ರತಿಭೆಗಳನ್ನು ತೋರಿಸಲು ಸರ್ಕಾರ ಹಲವು ಸೌಲಭ್ಯಗಳನ್ನು ಒದಗಿಸುತ್ತಿದೆ ಎಂದರು.
ಅವರ ಸಹಾಯಯೋಗ ಮಾಡಿಕೊಳ್ಳಬೇಕು. 18 ವರ್ಷದಿಂದ 59 ವರ್ಷದವರೆಗೆ ವಿದ್ಯಾರ್ಥಿಗಳಿಗೆ ವಿವಿಧ ಯೋಜನೆಗಳ ಲಾಭ ಪಡೆದುಕೊಳ್ಳಬೇಕು. ಶಿಕ್ಷಣವು ಜೀವನವನ್ನು ರೂಪಿಸುವ ಪ್ರಮುಖ ಸಾಧನವಾಗಿದೆ. ಚಿಟ್ಟನಹಳ್ಳಿಯ ಚಂದ್ರಶೇಖರ ಸ್ವಾಮೀಜಿ ಮಾತನಾಡಿ ವಿದ್ಯಾರ್ಥಿಗಳು ತಮ್ಮ ಜೀವನದಲ್ಲಿ ಶಿಸ್ತು, ಸಂಸ್ಕಾರ ಬೆಳೆಸಿಕೊಳ್ಳಬೇಕು. ಗುರು ಹಿರಿಯರನ್ನು ಗೌರವಿಸಬೇಕು. ಕ್ಷೇತ್ರ ಶಿಕ್ಷಣಾಧಿಕಾರಿ ನಟರಾಜು ಮಾತನಾಡಿದರು.
ಮಾತನಾಡಿ ಕಳೆದ ವರ್ಷದಲ್ಲಿ ನಮ್ಮ ತಾಲ್ಲೂಕಿನ ಕ್ರೀಡಾಪಟುಗಳು ರಾಜ್ಯಮಟ್ಟದಲ್ಲಿ ಹಾಗೂ ರಾಷ್ಟ್ರಮಟ್ಟದಲ್ಲಿ ಗೆದ್ದು ಬಂದಿದ್ದಾರೆ. ವಿದ್ಯಾರ್ಥಿಗಳು ಗುರಿ ಸಾಧಿಸಲು ನಿರಂತರ ಪ್ರಯತ್ನ ಮಾಡಬೇಕು ಎಂದರು. ಕಾರ್ಯಕ್ರಮದಲ್ಲಿ ಶಾಲೆಯ ಮುಖ್ಯ ಶಿಕ್ಷಕರು, ಶಿಕ್ಷಕರು, ಗ್ರಾಮ ಪಂಚಾಯತಿ ಸದಸ್ಯರು ಹಾಗೂ ವಿದ್ಯಾರ್ಥಿಗಳು ಭಾಗವಹಿಸಿದ್ದರು.
ಬಮೂಲ್ ಹಾಗೂ ನಂದಿನಿ ರೈತರ ಸಂಸ್ಥೆ: ಬಮೂಲ್ ಅಧ್ಯಕ್ಷ ಡಿ.ಕೆ ಸುರೇಶ್
ಕನಕಪುರ: ನಂದಿನಿ ಉತ್ಪನ್ನಗಳು ನಮ್ಮ ರೈತರ ಬ್ರಾಂಡ್ ಆಗಿದ್ದು ಅದನ್ನು ಉಳಿಸಿ ಬೆಳೆಸುವ ಜವಾಬ್ದಾರಿ ಪ್ರತಿಯೊಬ್ಬ ಹೈನುಗಾರರದ್ದಾಗಿದೆ ಎಂದು ಬಮೂಲ್ ಅಧ್ಯಕ್ಷ ಡಿ.ಕೆ ಸುರೇಶ್ ತಿಳಿಸಿದರು. ತಾಲ್ಲೂಕಿನ ಕಸಬಾ ಹೋಬಳಿ ಶಿವನಹಳ್ಳಿ ಬಳಿಯ ಮೇಗಳದೊಡ್ಡಿ ಆವರಣದಲ್ಲಿ ಹಮ್ಮಿಕೊಂಡಿದ್ದ ಹಾಲು ಒಕ್ಕೂಟದ ನಿರ್ದೇಶಕರಿಗೆ ಅಭಿನಂದನಾ ಸಮಾರಂಭದಲ್ಲಿ ಮಾತನಾಡಿದರು. ಬಮೂಲ್ ಸಂಸ್ಥೆ ರೈತರ ಸಂಸ್ಥೆಯಾಗಿದ್ದು ಇದನ್ನು ಇನ್ನಷ್ಟು ಬಲಪಡಿಸುವ ಕೆಲಸ ಮಾಡಬೇಕಿದೆ. ತಾಲ್ಲೂಕಿನಲ್ಲಿ 60 ಹಾಲು ಉತ್ಪಾದಕರ ಸಹಕಾರ ಸಂಘಗಳಿದ್ದು ಲಕ್ಷಾಂತರ ಲೀಟರ್ ಹಾಲು ಉತ್ಪಾದನೆಯಾಗುತ್ತಿದೆ ಎಂದರು.
ದಕ್ಷಿಣ ಜಿಲ್ಲೆಯಲ್ಲಿ ಸುಮಾರು 2.60 ಲಕ್ಷ ಲೀಟರ್ ಹಾಲು ಉತ್ಪಾದನೆ ಮಾಡಲಾಗುತ್ತಿದೆ. ಇದೇ ಜಿಲ್ಲೆಯ ಜನರು ಒಕ್ಕೂಟದ ಶಕ್ತಿಯಾಗಿದ್ದಾರೆ. ರೈತರಿಗೆ ಹೆಚ್ಚಿನ ಬೆಲೆ ನೀಡಲು ಒಕ್ಕೂಟ ಬದ್ಧವಾಗಿದೆ. ರಾಸುಗಳ ಆರೋಗ್ಯ ಕಾಪಾಡಲು ಪಶು ವೈದ್ಯಕೀಯ ಸೇವೆ ಒದಗಿಸಲಾಗುತ್ತಿದೆ. ಹೈನುಗಾರಿಕೆ ಗ್ರಾಮೀಣ ಆರ್ಥಿಕತೆಯ ಬೆನ್ನೆಲುಬಾಗಿದೆ ಎಂದು ಹೇಳಿದರು.
ಡಿ ಕೆ ಸುರೇಶ್ ಒಕ್ಕೂಟದ ಸಾಧ್ಯವಿಲ್ಲ. ಬಮೂಲ್ ಒಕ್ಕೂಟ ಆಡಳಿತ ಮಂಡಳಿಯ 14 ಮಂದಿ ನಿರ್ದೇಶಕರಿಂದಲೂ ಸಾಧ್ಯವಾಗುತ್ತಿಲ್ಲ. ದೇಶದಲ್ಲಿ ಕರ್ನಾಟಕ ಹಾಲು ಒಕ್ಕೂಟ ಎರಡನೇ ಸ್ಥಾನದಲ್ಲಿದೆ ಎಂದು ಅವರು ತಿಳಿಸಿದರು. ರೈತರ ಹಿತ ಕಾಪಾಡುವುದು ನಮ್ಮ ಗುರಿ ಎಂದರು.
ಬಮೂಲ್ ಆಗಲಿ ನಂದಿನಿಯಾಗಲಿ ಇದು ನಮ್ಮ ಸಂಸ್ಥೆ. ಇದು ರೈತರ ಸಂಸ್ಥೆ. ನಮ್ಮ ಸಂಸ್ಥೆ ರಾಜ್ಯದ ಹೆಮ್ಮೆಯ ಸಂಸ್ಥೆಯಾಗಿದೆ. ದೇಶದ ಎಲ್ಲ ಕಡೆ ನಂದಿನಿ ಉತ್ಪನ್ನಗಳಿಗೆ ಬೇಡಿಕೆ ಹೆಚ್ಚುತ್ತಿದೆ. ದಿನಕ್ಕೆ ಸುಮಾರು 12 ಲಕ್ಷ ಲೀಟರ್ ಹಾಲನ್ನು ಉತ್ಪಾದಿಸಲಾಗುತ್ತಿದೆ. ಈ ಸಂದರ್ಭದಲ್ಲಿ ನಿರ್ದೇಶಕರು, ಸಂಘಗಳ ಅಧ್ಯಕ್ಷರು ಹಾಜರಿದ್ದರು.
ವಿಧಾನ ಪರಿಷತ್ ಸದಸ್ಯರಾದ ಶ್ರೀ ಎಸ್. ರವಿ, ರಾಷ್ಟ್ರೀಯ ಯುವ ಕಾಂಗ್ರೆಸ್ ಸಮಾಜ ಅಧ್ಯಕ್ಷರಾದ ಶ್ರೀ ಪಿ.ಬಿ. ಶ್ರೀನಿವಾಸ್, ಬಿಎಂಟಿಸಿ ಅಧ್ಯಕ್ಷರಾದ ಶ್ರೀ ರಾಮಲಿಂಗಾರೆಡ್ಡಿ, ಮಾಜಿ ಸಚಿವರು ಸೇರಿದಂತೆ ಹಲವು ಗಣ್ಯರು ಭಾಗವಹಿಸಿದ್ದರು. ಕಾರ್ಯಕ್ರಮದಲ್ಲಿ ಸಾವಿರಾರು ಹಾಲು ಉತ್ಪಾದಕರು ಪಾಲ್ಗೊಂಡಿದ್ದರು.
